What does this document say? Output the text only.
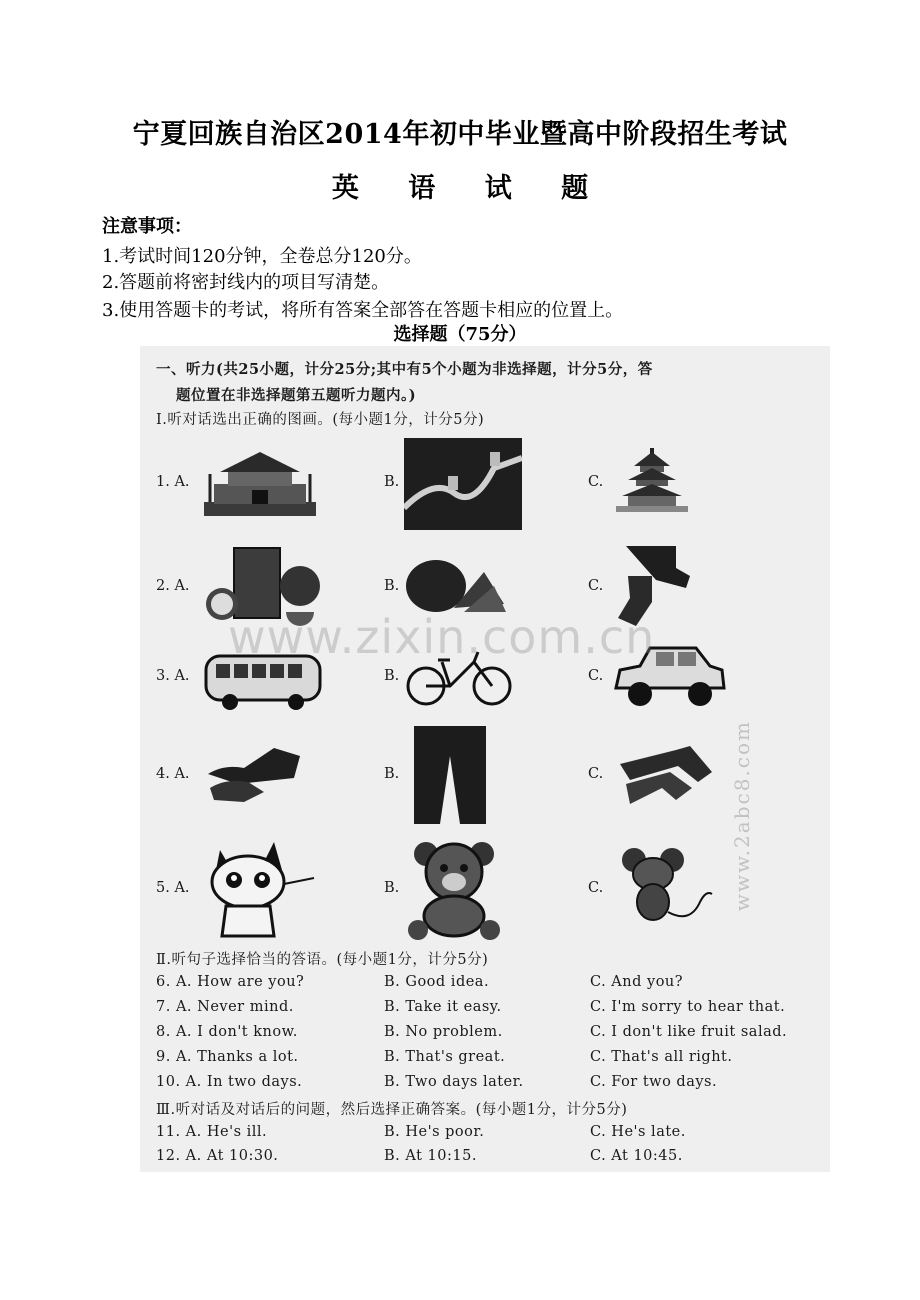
宁夏回族自治区2014年初中毕业暨高中阶段招生考试
英 语 试 题
注意事项：
1.考试时间120分钟，全卷总分120分。
2.答题前将密封线内的项目写清楚。
3.使用答题卡的考试，将所有答案全部答在答题卡相应的位置上。
选择题（75分）
一、听力(共25小题，计分25分;其中有5个小题为非选择题，计分5分，答
题位置在非选择题第五题听力题内。)
Ⅰ.听对话选出正确的图画。(每小题1分，计分5分)
1. A.	B.	C.
2. A.	B.	C.
3. A.	B.	C.
4. A.	B.	C.
5. A.	B.	C.
Ⅱ.听句子选择恰当的答语。(每小题1分，计分5分)
6. A. How are you?	B. Good idea.	C. And you?
7. A. Never mind.	B. Take it easy.	C. I'm sorry to hear that.
8. A. I don't know.	B. No problem.	C. I don't like fruit salad.
9. A. Thanks a lot.	B. That's great.	C. That's all right.
10. A. In two days.	B. Two days later.	C. For two days.
Ⅲ.听对话及对话后的问题，然后选择正确答案。(每小题1分，计分5分)
11. A. He's ill.	B. He's poor.	C. He's late.
12. A. At 10:30.	B. At 10:15.	C. At 10:45.
www.zixin.com.cn
www.2abc8.com
